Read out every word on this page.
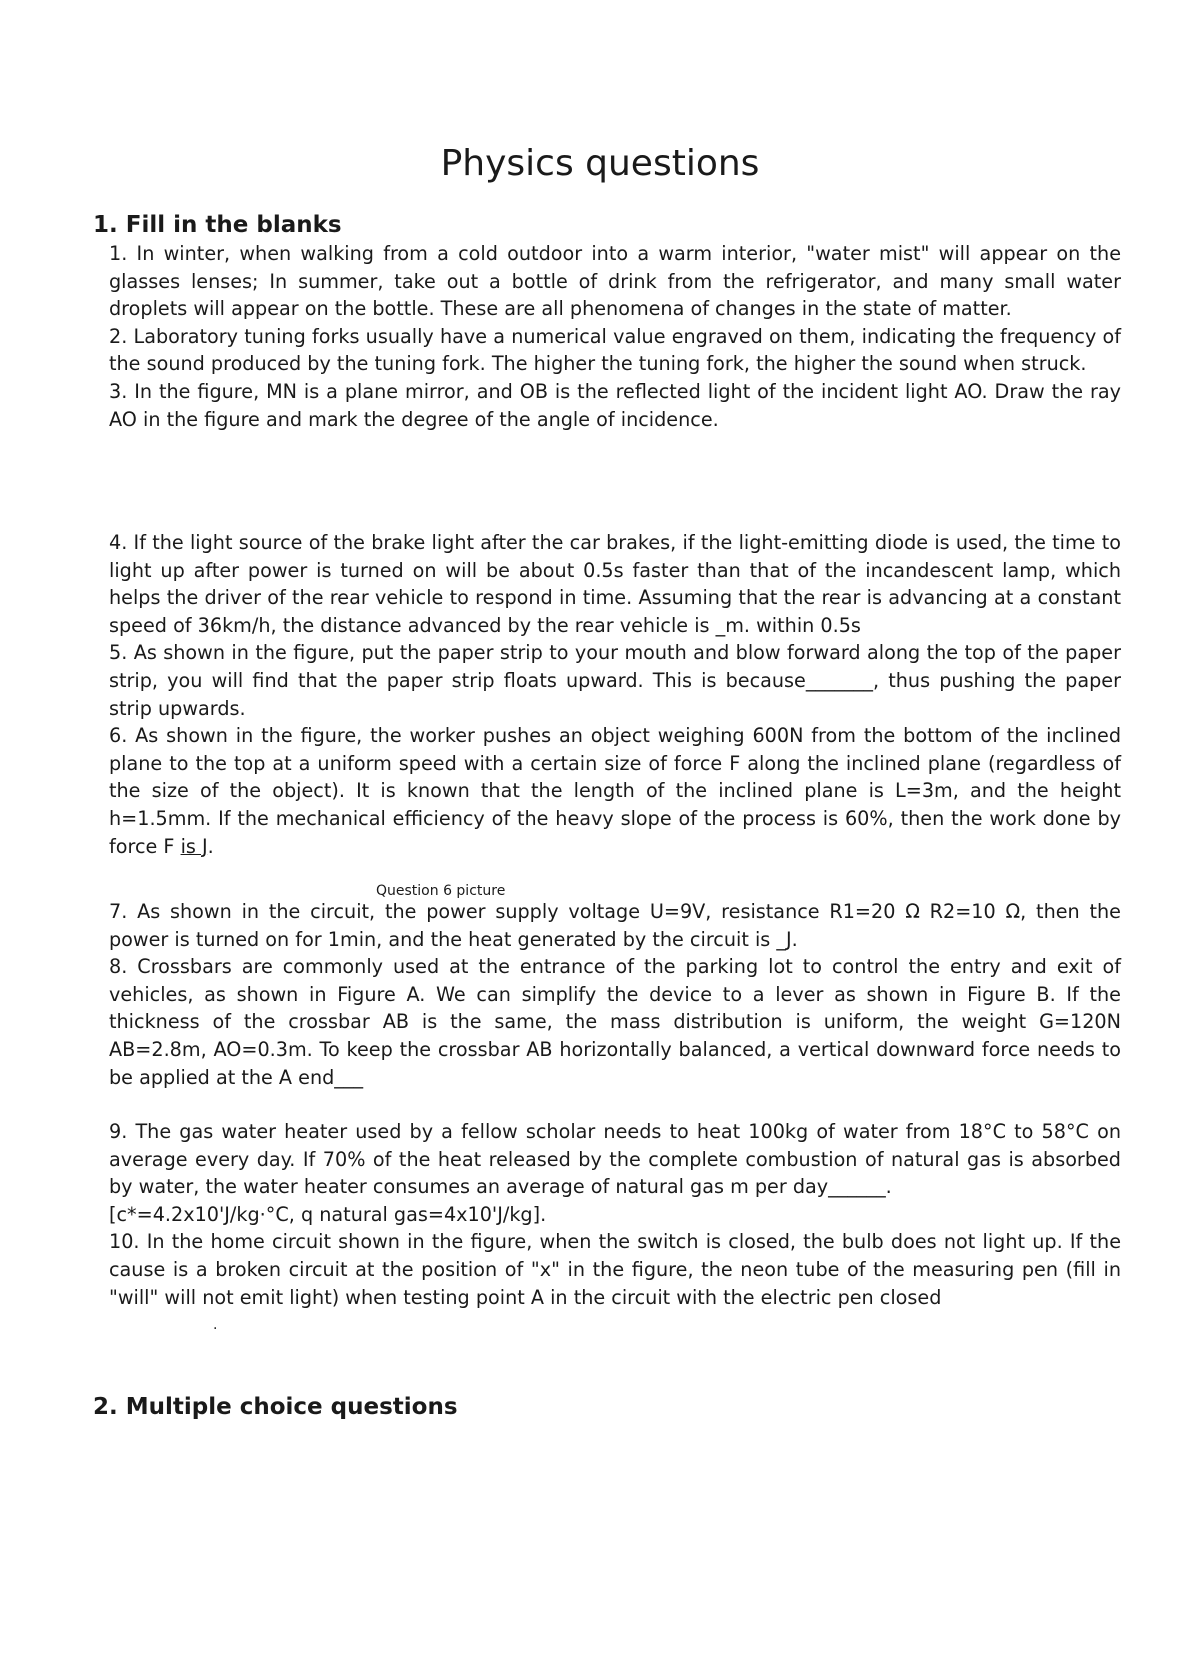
Physics questions
1. Fill in the blanks

1. In winter, when walking from a cold outdoor into a warm interior, "water mist" will appear on the glasses lenses; In summer, take out a bottle of drink from the refrigerator, and many small water droplets will appear on the bottle. These are all phenomena of changes in the state of matter.

2. Laboratory tuning forks usually have a numerical value engraved on them, indicating the frequency of the sound produced by the tuning fork. The higher the tuning fork, the higher the sound when struck.

3. In the figure, MN is a plane mirror, and OB is the reflected light of the incident light AO. Draw the ray AO in the figure and mark the degree of the angle of incidence.

4. If the light source of the brake light after the car brakes, if the light-emitting diode is used, the time to light up after power is turned on will be about 0.5s faster than that of the incandescent lamp, which helps the driver of the rear vehicle to respond in time. Assuming that the rear is advancing at a constant speed of 36km/h, the distance advanced by the rear vehicle is _m. within 0.5s

5. As shown in the figure, put the paper strip to your mouth and blow forward along the top of the paper strip, you will find that the paper strip floats upward. This is because_______, thus pushing the paper strip upwards.

6. As shown in the figure, the worker pushes an object weighing 600N from the bottom of the inclined plane to the top at a uniform speed with a certain size of force F along the inclined plane (regardless of the size of the object). It is known that the length of the inclined plane is L=3m, and the height h=1.5mm. If the mechanical efficiency of the heavy slope of the process is 60%, then the work done by force F is J.

Question 6 picture

7. As shown in the circuit, the power supply voltage U=9V, resistance R1=20 Ω R2=10 Ω, then the power is turned on for 1min, and the heat generated by the circuit is _J.

8. Crossbars are commonly used at the entrance of the parking lot to control the entry and exit of vehicles, as shown in Figure A. We can simplify the device to a lever as shown in Figure B. If the thickness of the crossbar AB is the same, the mass distribution is uniform, the weight G=120N AB=2.8m, AO=0.3m. To keep the crossbar AB horizontally balanced, a vertical downward force needs to be applied at the A end___

9. The gas water heater used by a fellow scholar needs to heat 100kg of water from 18°C to 58°C on average every day. If 70% of the heat released by the complete combustion of natural gas is absorbed by water, the water heater consumes an average of natural gas m per day______.

[c*=4.2x10'J/kg·°C, q natural gas=4x10'J/kg].

10. In the home circuit shown in the figure, when the switch is closed, the bulb does not light up. If the cause is a broken circuit at the position of "x" in the figure, the neon tube of the measuring pen (fill in "will" will not emit light) when testing point A in the circuit with the electric pen closed

.
2. Multiple choice questions
